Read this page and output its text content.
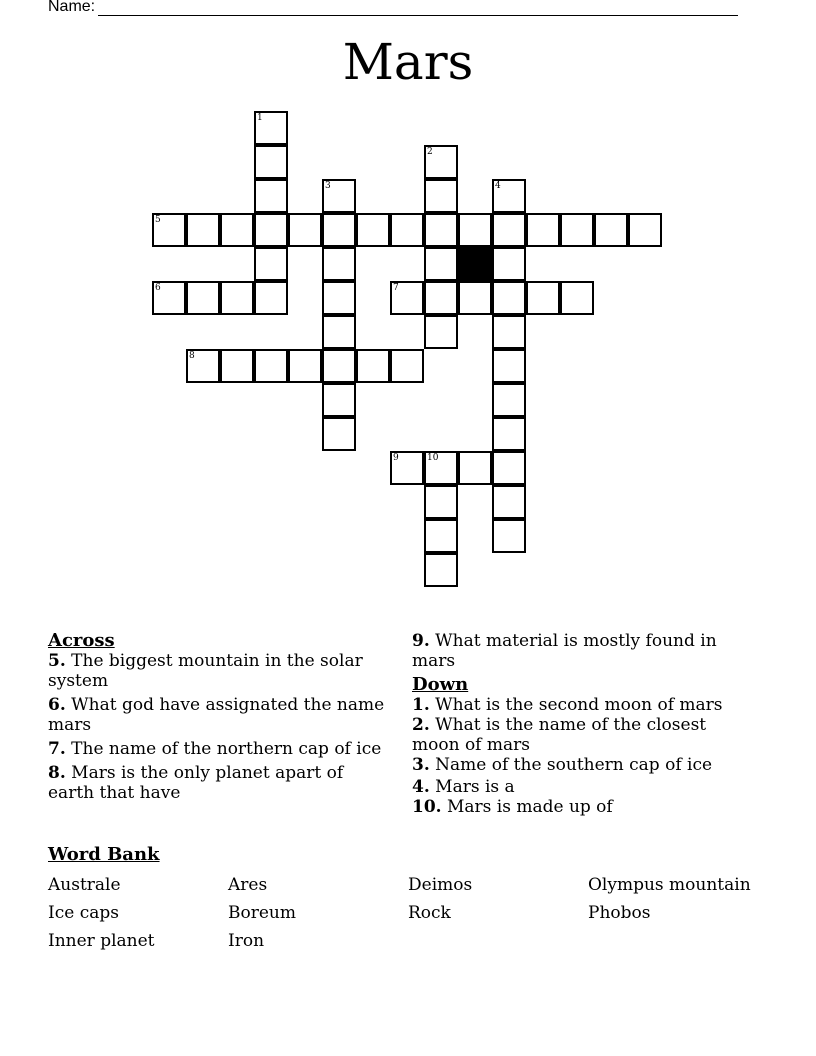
Name:
Mars
5
6	7
8
9	10
1
2
3	4
Across
5. The biggest mountain in the solar system
6. What god have assignated the name mars
7. The name of the northern cap of ice
8. Mars is the only planet apart of earth that have
9. What material is mostly found in mars
Down
1. What is the second moon of mars
2. What is the name of the closest moon of mars
3. Name of the southern cap of ice
4. Mars is a
10. Mars is made up of
Word Bank
Australe	Ares	Deimos	Olympus mountain
Ice caps	Boreum	Rock	Phobos
Inner planet	Iron
